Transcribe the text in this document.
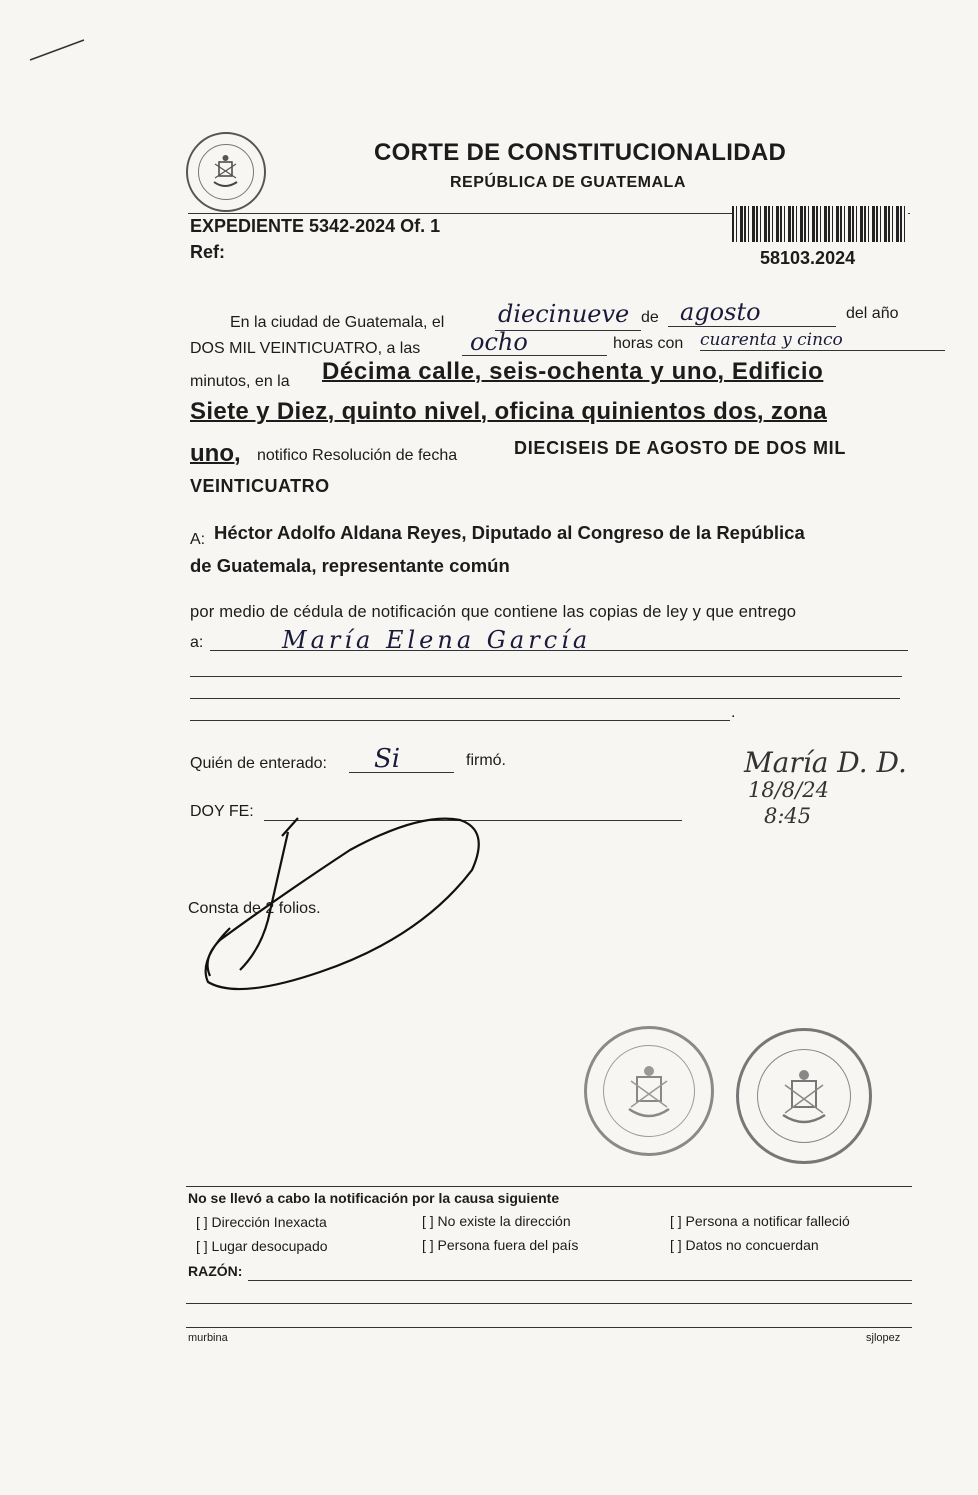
CORTE DE CONSTITUCIONALIDAD
REPÚBLICA DE GUATEMALA
EXPEDIENTE 5342-2024 Of. 1
Ref:	58103.2024
En la ciudad de Guatemala, el diecinueve de agosto	del año
DOS MIL VEINTICUATRO, a las ocho	horas con cuarenta y cinco
minutos, en la Décima calle, seis-ochenta y uno, Edificio
Siete y Diez, quinto nivel, oficina quinientos dos, zona
uno, notifico Resolución de fecha	DIECISEIS DE AGOSTO DE DOS MIL
VEINTICUATRO
A: Héctor Adolfo Aldana Reyes, Diputado al Congreso de la República
de Guatemala, representante común
por medio de cédula de notificación que contiene las copias de ley y que entrego
a:	María Elena García
.
Quién de enterado: Si	firmó.	María D. D.
18/8/24
8:45
DOY FE:
Consta de 2 folios.
No se llevó a cabo la notificación por la causa siguiente
[ ] Dirección Inexacta	[ ] No existe la dirección	[ ] Persona a notificar falleció
[ ] Lugar desocupado	[ ] Persona fuera del país	[ ] Datos no concuerdan
RAZÓN:
murbina	sjlopez
